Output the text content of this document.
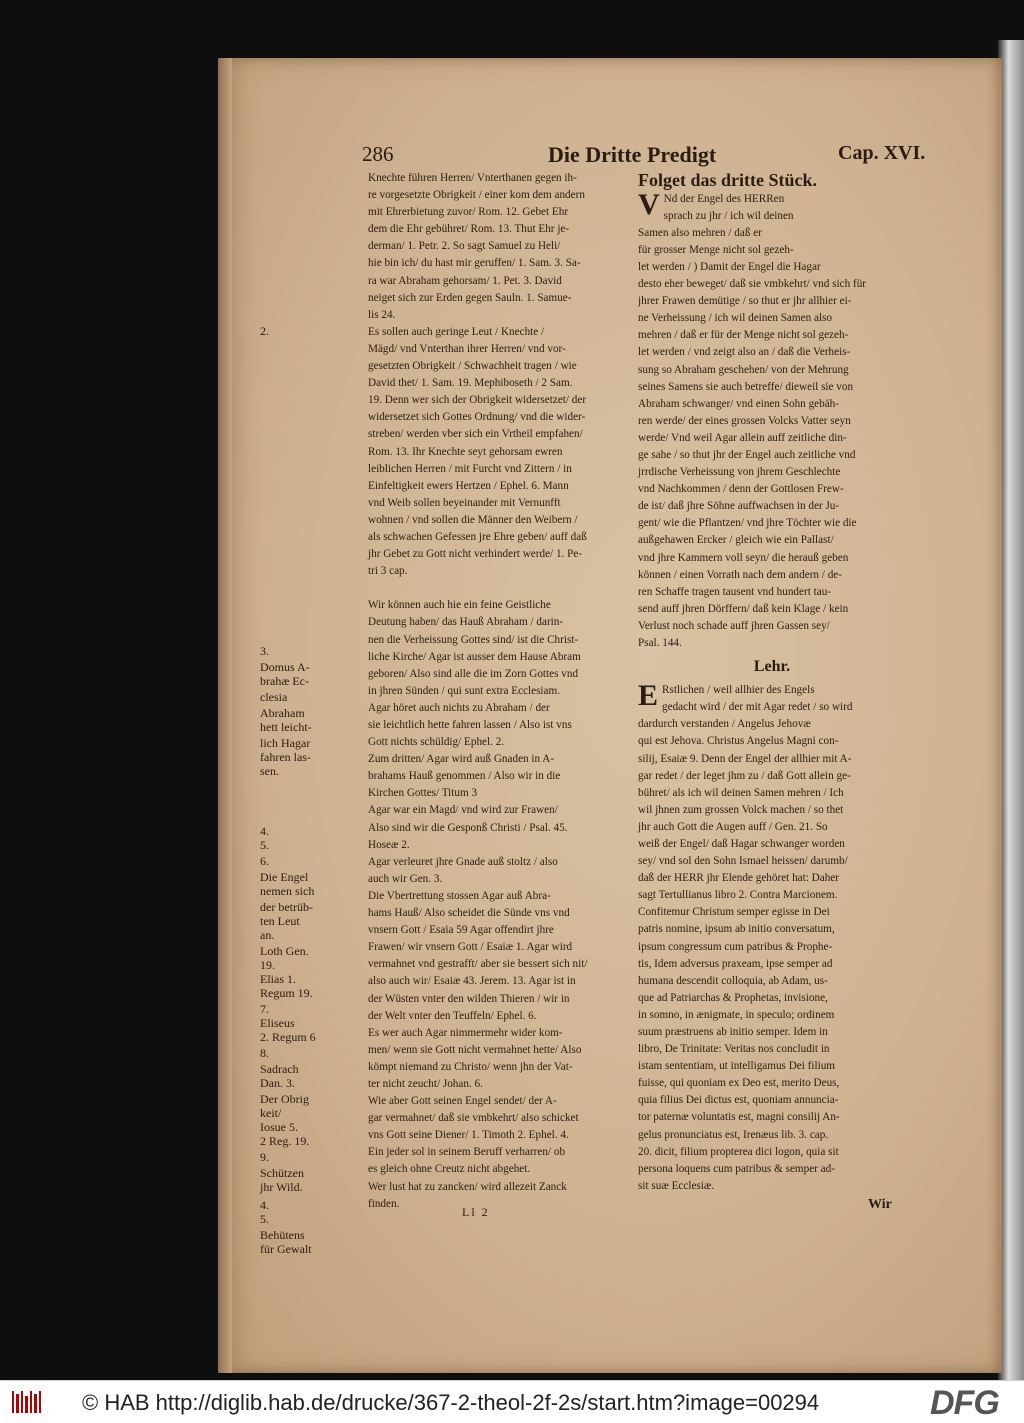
286	Die Dritte Predigt	Cap. XVI.
2.
3.
Domus A-
brahæ Ec-
clesia
Abraham
hett leicht-
lich Hagar
fahren las-
sen.
4.
5.
6.
Die Engel
nemen sich
der betrüb-
ten Leut
an.
Loth Gen.
19.
Elias 1.
Regum 19.
7.
Eliseus
2. Regum 6
8.
Sadrach
Dan. 3.
Der Obrig
keit/
Iosue 5.
2 Reg. 19.
9.
Schützen
jhr Wild.
4.
5.
Behütens
für Gewalt

Knechte führen Herren/ Vnterthanen gegen ih-

re vorgesetzte Obrigkeit / einer kom dem andern

mit Ehrerbietung zuvor/ Rom. 12. Gebet Ehr

dem die Ehr gebühret/ Rom. 13. Thut Ehr je-

derman/ 1. Petr. 2. So sagt Samuel zu Heli/

hie bin ich/ du hast mir geruffen/ 1. Sam. 3. Sa-

ra war Abraham gehorsam/ 1. Pet. 3. David

neiget sich zur Erden gegen Sauln. 1. Samue-

lis 24.

Es sollen auch geringe Leut / Knechte /

Mägd/ vnd Vnterthan ihrer Herren/ vnd vor-

gesetzten Obrigkeit / Schwachheit tragen / wie

David thet/ 1. Sam. 19. Mephiboseth / 2 Sam.

19. Denn wer sich der Obrigkeit widersetzet/ der

widersetzet sich Gottes Ordnung/ vnd die wider-

streben/ werden vber sich ein Vrtheil empfahen/

Rom. 13. Ihr Knechte seyt gehorsam ewren

leiblichen Herren / mit Furcht vnd Zittern / in

Einfeltigkeit ewers Hertzen / Ephel. 6. Mann

vnd Weib sollen beyeinander mit Vernunfft

wohnen / vnd sollen die Männer den Weibern /

als schwachen Gefessen jre Ehre geben/ auff daß

jhr Gebet zu Gott nicht verhindert werde/ 1. Pe-

tri 3 cap.

Wir können auch hie ein feine Geistliche

Deutung haben/ das Hauß Abraham / darin-

nen die Verheissung Gottes sind/ ist die Christ-

liche Kirche/ Agar ist ausser dem Hause Abram

geboren/ Also sind alle die im Zorn Gottes vnd

in jhren Sünden / qui sunt extra Ecclesiam.

Agar höret auch nichts zu Abraham / der

sie leichtlich hette fahren lassen / Also ist vns

Gott nichts schüldig/ Ephel. 2.

Zum dritten/ Agar wird auß Gnaden in A-

brahams Hauß genommen / Also wir in die

Kirchen Gottes/ Titum 3

Agar war ein Magd/ vnd wird zur Frawen/

Also sind wir die Gesponß Christi / Psal. 45.

Hoseæ 2.

Agar verleuret jhre Gnade auß stoltz / also

auch wir Gen. 3.

Die Vbertrettung stossen Agar auß Abra-

hams Hauß/ Also scheidet die Sünde vns vnd

vnsern Gott / Esaia 59 Agar offendirt jhre

Frawen/ wir vnsern Gott / Esaiæ 1. Agar wird

vermahnet vnd gestrafft/ aber sie bessert sich nit/

also auch wir/ Esaiæ 43. Jerem. 13. Agar ist in

der Wüsten vnter den wilden Thieren / wir in

der Welt vnter den Teuffeln/ Ephel. 6.

Es wer auch Agar nimmermehr wider kom-

men/ wenn sie Gott nicht vermahnet hette/ Also

kömpt niemand zu Christo/ wenn jhn der Vat-

ter nicht zeucht/ Johan. 6.

Wie aber Gott seinen Engel sendet/ der A-

gar vermahnet/ daß sie vmbkehrt/ also schicket

vns Gott seine Diener/ 1. Timoth 2. Ephel. 4.

Ein jeder sol in seinem Beruff verharren/ ob

es gleich ohne Creutz nicht abgehet.

Wer lust hat zu zancken/ wird allezeit Zanck

finden.

Folget das dritte Stück.

V Nd der Engel des HERRen

sprach zu jhr / ich wil deinen

Samen also mehren / daß er

für grosser Menge nicht sol gezeh-

let werden / ) Damit der Engel die Hagar

desto eher beweget/ daß sie vmbkehrt/ vnd sich für

jhrer Frawen demütige / so thut er jhr allhier ei-

ne Verheissung / ich wil deinen Samen also

mehren / daß er für der Menge nicht sol gezeh-

let werden / vnd zeigt also an / daß die Verheis-

sung so Abraham geschehen/ von der Mehrung

seines Samens sie auch betreffe/ dieweil sie von

Abraham schwanger/ vnd einen Sohn gebäh-

ren werde/ der eines grossen Volcks Vatter seyn

werde/ Vnd weil Agar allein auff zeitliche din-

ge sahe / so thut jhr der Engel auch zeitliche vnd

jrrdische Verheissung von jhrem Geschlechte

vnd Nachkommen / denn der Gottlosen Frew-

de ist/ daß jhre Söhne auffwachsen in der Ju-

gent/ wie die Pflantzen/ vnd jhre Töchter wie die

außgehawen Ercker / gleich wie ein Pallast/

vnd jhre Kammern voll seyn/ die herauß geben

können / einen Vorrath nach dem andern / de-

ren Schaffe tragen tausent vnd hundert tau-

send auff jhren Dörffern/ daß kein Klage / kein

Verlust noch schade auff jhren Gassen sey/

Psal. 144.

Lehr.

E Rstlichen / weil allhier des Engels

gedacht wird / der mit Agar redet / so wird

dardurch verstanden / Angelus Jehovæ

qui est Jehova. Christus Angelus Magni con-

silij, Esaiæ 9. Denn der Engel der allhier mit A-

gar redet / der leget jhm zu / daß Gott allein ge-

bühret/ als ich wil deinen Samen mehren / Ich

wil jhnen zum grossen Volck machen / so thet

jhr auch Gott die Augen auff / Gen. 21. So

weiß der Engel/ daß Hagar schwanger worden

sey/ vnd sol den Sohn Ismael heissen/ darumb/

daß der HERR jhr Elende gehöret hat: Daher

sagt Tertullianus libro 2. Contra Marcionem.

Confitemur Christum semper egisse in Dei

patris nomine, ipsum ab initio conversatum,

ipsum congressum cum patribus & Prophe-

tis, Idem adversus praxeam, ipse semper ad

humana descendit colloquia, ab Adam, us-

que ad Patriarchas & Prophetas, invisione,

in somno, in ænigmate, in speculo; ordinem

suum præstruens ab initio semper. Idem in

libro, De Trinitate: Veritas nos concludit in

istam sententiam, ut intelligamus Dei filium

fuisse, qui quoniam ex Deo est, merito Deus,

quia filius Dei dictus est, quoniam annuncia-

tor paternæ voluntatis est, magni consilij An-

gelus pronunciatus est, Irenæus lib. 3. cap.

20. dicit, filium propterea dici logon, quia sit

persona loquens cum patribus & semper ad-

sit suæ Ecclesiæ.

Ll 2	Wir
© HAB http://diglib.hab.de/drucke/367-2-theol-2f-2s/start.htm?image=00294	DFG
